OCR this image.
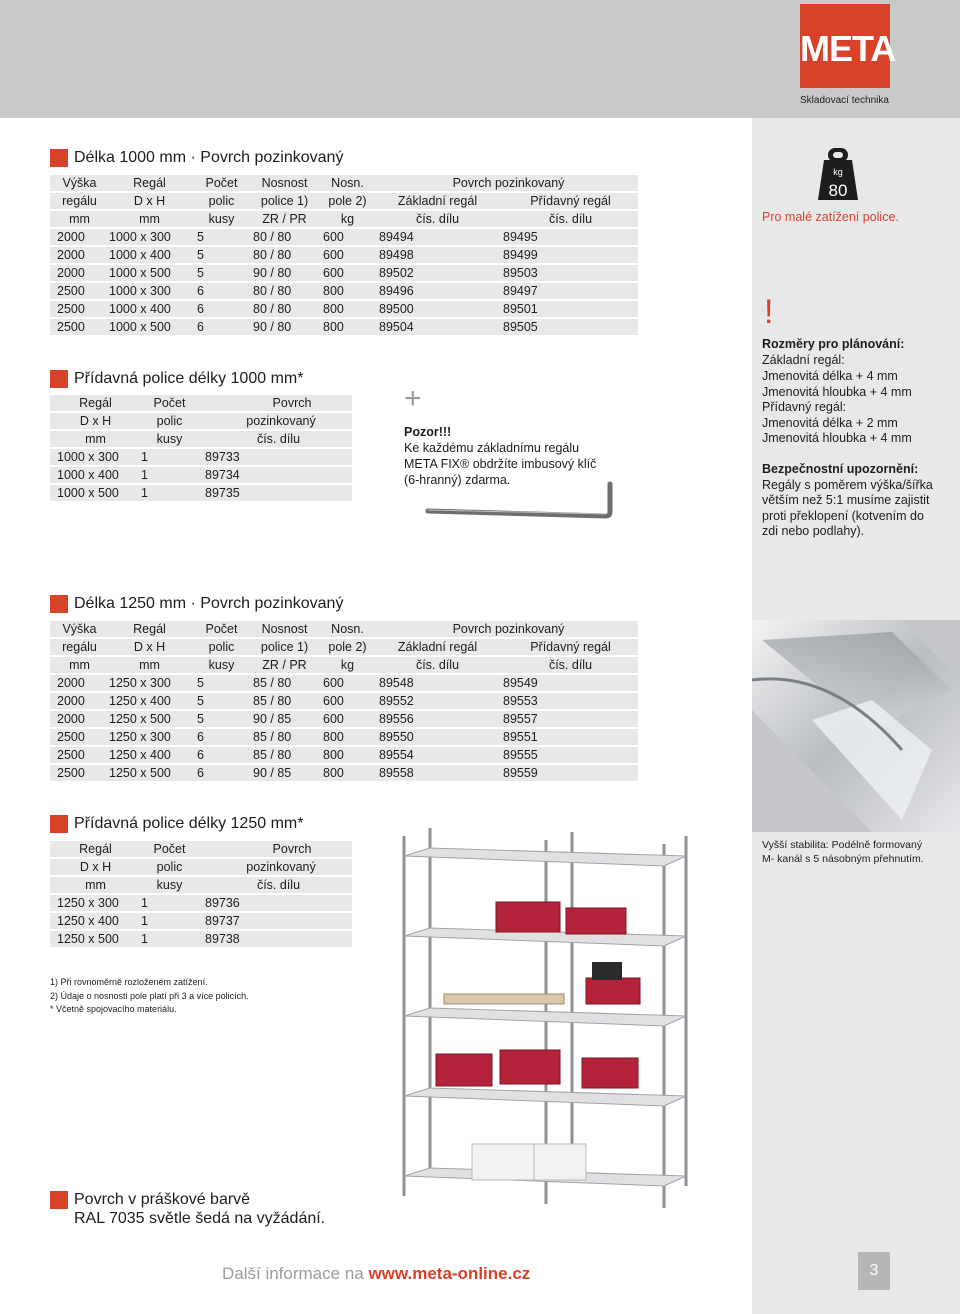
META
Skladovací technika
Délka 1000 mm · Povrch pozinkovaný
Výška	Regál	Počet	Nosnost	Nosn.	Povrch pozinkovaný	
regálu	D x H	polic	police 1)	pole 2)	Základní regál	Přídavný regál
mm	mm	kusy	ZR / PR	kg	čís. dílu	čís. dílu
2000	1000 x 300	5	80 / 80	600	89494	89495
2000	1000 x 400	5	80 / 80	600	89498	89499
2000	1000 x 500	5	90 / 80	600	89502	89503
2500	1000 x 300	6	80 / 80	800	89496	89497
2500	1000 x 400	6	80 / 80	800	89500	89501
2500	1000 x 500	6	90 / 80	800	89504	89505
Přídavná police délky 1000 mm*
Regál	Počet	Povrch
D x H	polic	pozinkovaný
mm	kusy	čís. dílu
1000 x 300	1	89733
1000 x 400	1	89734
1000 x 500	1	89735
+
Pozor!!!
Ke každému základnímu regálu
META FIX® obdržíte imbusový klíč
(6-hranný) zdarma.
kg
80
Pro malé zatížení police.
!
Rozměry pro plánování:
Základní regál:
Jmenovitá délka + 4 mm
Jmenovitá hloubka + 4 mm
Přídavný regál:
Jmenovitá délka + 2 mm
Jmenovitá hloubka + 4 mm
Bezpečnostní upozornění:
Regály s poměrem výška/šířka
větším než 5:1 musíme zajistit
proti překlopení (kotvením do
zdi nebo podlahy).
Vyšší stabilita: Podélně formovaný
M- kanál s 5 násobným přehnutím.
Délka 1250 mm · Povrch pozinkovaný
Výška	Regál	Počet	Nosnost	Nosn.	Povrch pozinkovaný	
regálu	D x H	polic	police 1)	pole 2)	Základní regál	Přídavný regál
mm	mm	kusy	ZR / PR	kg	čís. dílu	čís. dílu
2000	1250 x 300	5	85 / 80	600	89548	89549
2000	1250 x 400	5	85 / 80	600	89552	89553
2000	1250 x 500	5	90 / 85	600	89556	89557
2500	1250 x 300	6	85 / 80	800	89550	89551
2500	1250 x 400	6	85 / 80	800	89554	89555
2500	1250 x 500	6	90 / 85	800	89558	89559
Přídavná police délky 1250 mm*
Regál	Počet	Povrch
D x H	polic	pozinkovaný
mm	kusy	čís. dílu
1250 x 300	1	89736
1250 x 400	1	89737
1250 x 500	1	89738
1) Při rovnoměrně rozloženém zatížení.
2) Údaje o nosnosti pole platí při 3 a více policích.
* Včetně spojovacího materiálu.
Povrch v práškové barvě
RAL 7035 světle šedá na vyžádání.
Další informace na www.meta-online.cz	3
